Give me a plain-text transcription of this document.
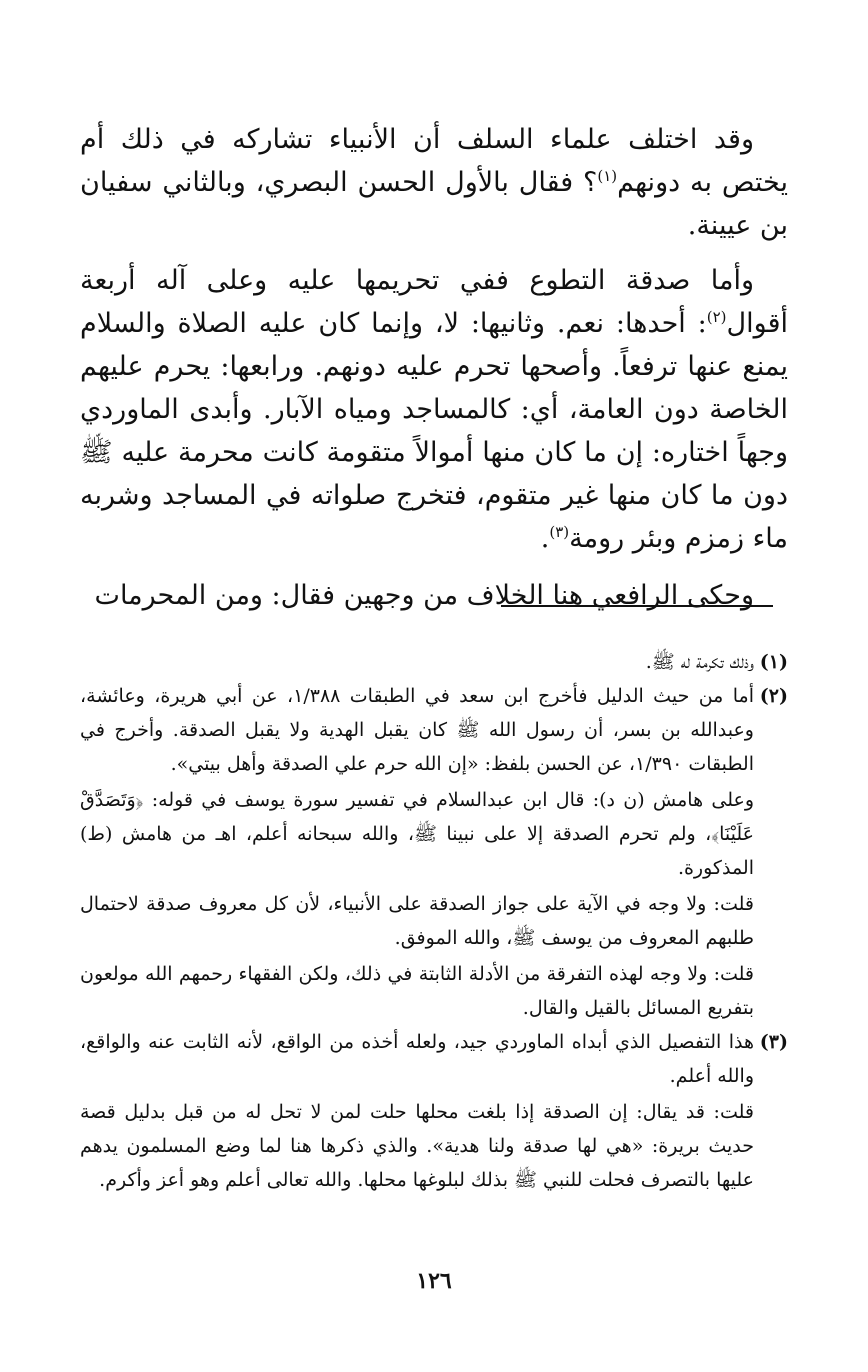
وقد اختلف علماء السلف أن الأنبياء تشاركه في ذلك أم يختص به دونهم$^{(١)}$؟ فقال بالأول الحسن البصري، وبالثاني سفيان بن عيينة.

وأما صدقة التطوع ففي تحريمها عليه وعلى آله أربعة أقوال$^{(٢)}$: أحدها: نعم. وثانيها: لا، وإنما كان عليه الصلاة والسلام يمنع عنها ترفعاً. وأصحها تحرم عليه دونهم. ورابعها: يحرم عليهم الخاصة دون العامة، أي: كالمساجد ومياه الآبار. وأبدى الماوردي وجهاً اختاره: إن ما كان منها أموالاً متقومة كانت محرمة عليه ﷺ دون ما كان منها غير متقوم، فتخرج صلواته في المساجد وشربه ماء زمزم وبئر رومة$^{(٣)}$.

وحكى الرافعي هنا الخلاف من وجهين فقال: ومن المحرمات

(١)

وذلك تكرمة له ﷺ.

(٢)

أما من حيث الدليل فأخرج ابن سعد في الطبقات ١/٣٨٨، عن أبي هريرة، وعائشة، وعبدالله بن بسر، أن رسول الله ﷺ كان يقبل الهدية ولا يقبل الصدقة. وأخرج في الطبقات ١/٣٩٠، عن الحسن بلفظ: «إن الله حرم علي الصدقة وأهل بيتي».

وعلى هامش (ن د): قال ابن عبدالسلام في تفسير سورة يوسف في قوله: ﴿وَتَصَدَّقْ عَلَيْنَا﴾، ولم تحرم الصدقة إلا على نبينا ﷺ، والله سبحانه أعلم، اهـ من هامش (ط) المذكورة.

قلت: ولا وجه في الآية على جواز الصدقة على الأنبياء، لأن كل معروف صدقة لاحتمال طلبهم المعروف من يوسف ﷺ، والله الموفق.

قلت: ولا وجه لهذه التفرقة من الأدلة الثابتة في ذلك، ولكن الفقهاء رحمهم الله مولعون بتفريع المسائل بالقيل والقال.

(٣)

هذا التفصيل الذي أبداه الماوردي جيد، ولعله أخذه من الواقع، لأنه الثابت عنه والواقع، والله أعلم.

قلت: قد يقال: إن الصدقة إذا بلغت محلها حلت لمن لا تحل له من قبل بدليل قصة حديث بريرة: «هي لها صدقة ولنا هدية». والذي ذكرها هنا لما وضع المسلمون يدهم عليها بالتصرف فحلت للنبي ﷺ بذلك لبلوغها محلها. والله تعالى أعلم وهو أعز وأكرم.

١٢٦
